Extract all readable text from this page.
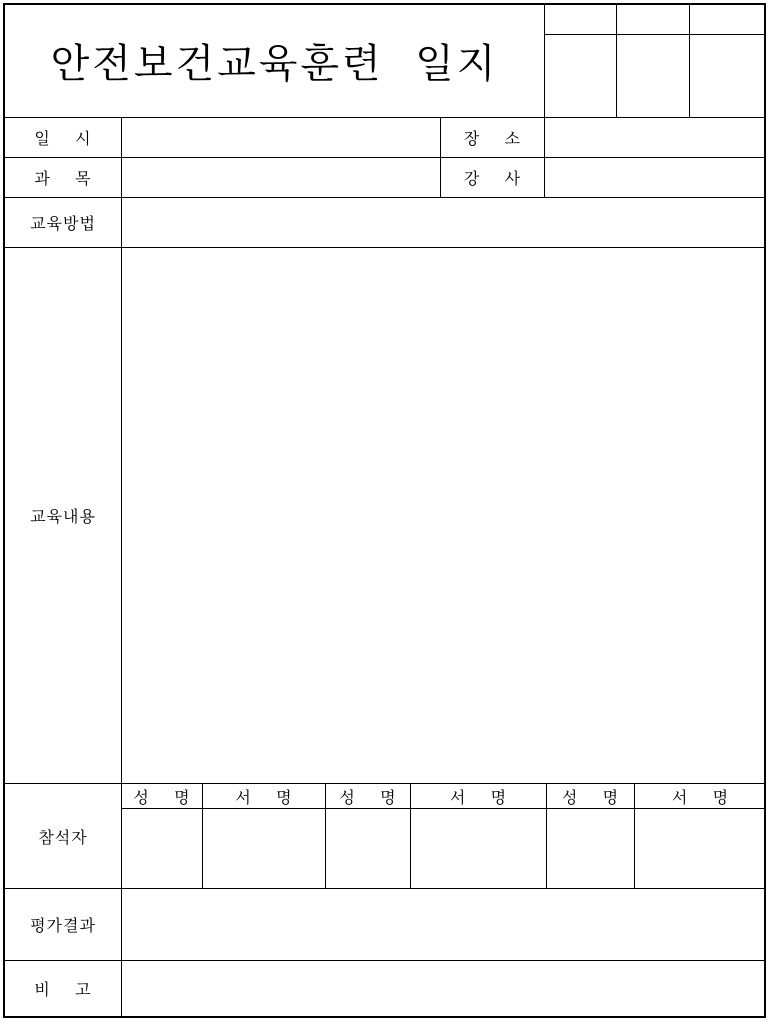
안전보건교육훈련  일지
일    시	장    소
과    목	강    사
교육방법
교육내용
참석자
성    명	서    명	성    명	서    명	성    명	서    명
평가결과
비    고
